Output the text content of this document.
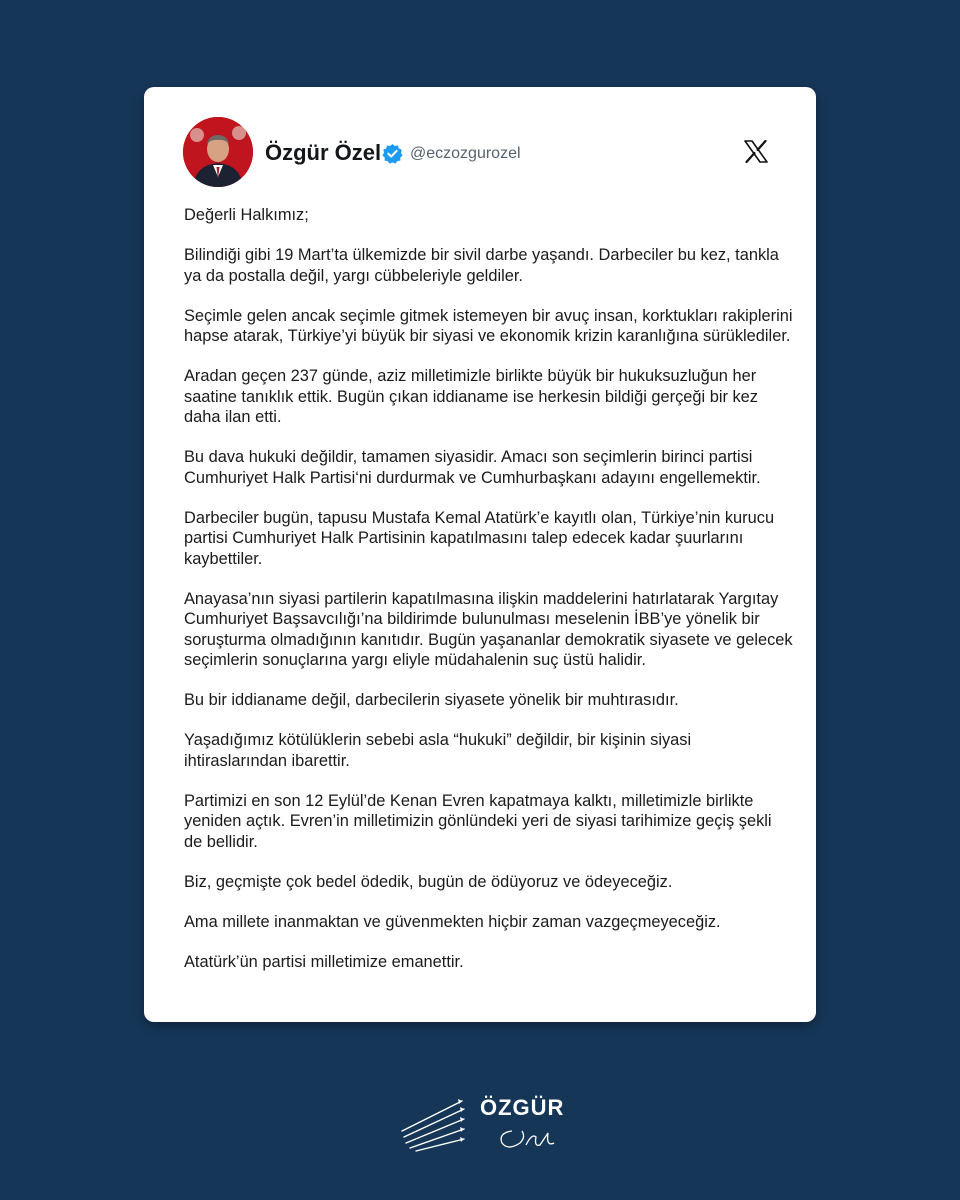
Özgür Özel @eczozgurozel

Değerli Halkımız;

Bilindiği gibi 19 Mart’ta ülkemizde bir sivil darbe yaşandı. Darbeciler bu kez, tankla ya da postalla değil, yargı cübbeleriyle geldiler.

Seçimle gelen ancak seçimle gitmek istemeyen bir avuç insan, korktukları rakiplerini hapse atarak, Türkiye’yi büyük bir siyasi ve ekonomik krizin karanlığına sürüklediler.

Aradan geçen 237 günde, aziz milletimizle birlikte büyük bir hukuksuzluğun her saatine tanıklık ettik. Bugün çıkan iddianame ise herkesin bildiği gerçeği bir kez daha ilan etti.

Bu dava hukuki değildir, tamamen siyasidir. Amacı son seçimlerin birinci partisi Cumhuriyet Halk Partisi‘ni durdurmak ve Cumhurbaşkanı adayını engellemektir.

Darbeciler bugün, tapusu Mustafa Kemal Atatürk’e kayıtlı olan, Türkiye’nin kurucu partisi Cumhuriyet Halk Partisinin kapatılmasını talep edecek kadar şuurlarını kaybettiler.

Anayasa’nın siyasi partilerin kapatılmasına ilişkin maddelerini hatırlatarak Yargıtay Cumhuriyet Başsavcılığı’na bildirimde bulunulması meselenin İBB’ye yönelik bir soruşturma olmadığının kanıtıdır. Bugün yaşananlar demokratik siyasete ve gelecek seçimlerin sonuçlarına yargı eliyle müdahalenin suç üstü halidir.

Bu bir iddianame değil, darbecilerin siyasete yönelik bir muhtırasıdır.

Yaşadığımız kötülüklerin sebebi asla “hukuki” değildir, bir kişinin siyasi ihtiraslarından ibarettir.

Partimizi en son 12 Eylül’de Kenan Evren kapatmaya kalktı, milletimizle birlikte yeniden açtık. Evren’in milletimizin gönlündeki yeri de siyasi tarihimize geçiş şekli de bellidir.

Biz, geçmişte çok bedel ödedik, bugün de ödüyoruz ve ödeyeceğiz.

Ama millete inanmaktan ve güvenmekten hiçbir zaman vazgeçmeyeceğiz.

Atatürk’ün partisi milletimize emanettir.

ÖZGÜR
